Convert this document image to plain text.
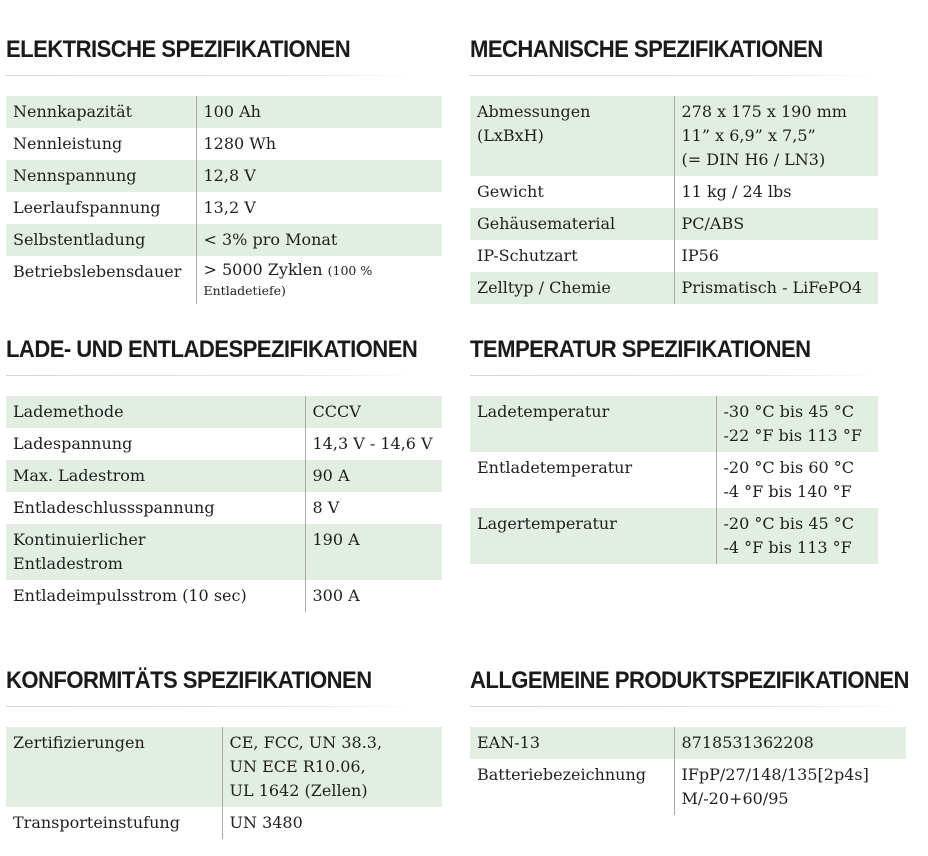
ELEKTRISCHE SPEZIFIKATIONEN
Nennkapazität	100 Ah
Nennleistung	1280 Wh
Nennspannung	12,8 V
Leerlaufspannung	13,2 V
Selbstentladung	< 3% pro Monat
Betriebslebensdauer	> 5000 Zyklen (100 %
Entladetiefe)
MECHANISCHE SPEZIFIKATIONEN
Abmessungen
(LxBxH)	278 x 175 x 190 mm
11” x 6,9” x 7,5”
(= DIN H6 / LN3)

Gewicht	11 kg / 24 lbs
Gehäusematerial	PC/ABS
IP-Schutzart	IP56
Zelltyp / Chemie	Prismatisch - LiFePO4
LADE- UND ENTLADESPEZIFIKATIONEN
Lademethode	CCCV
Ladespannung	14,3 V - 14,6 V
Max. Ladestrom	90 A
Entladeschlussspannung	8 V

Kontinuierlicher
Entladestrom	190 A
Entladeimpulsstrom (10 sec)	300 A
TEMPERATUR SPEZIFIKATIONEN
Ladetemperatur	-30 °C bis 45 °C
-22 °F bis 113 °F

Entladetemperatur	-20 °C bis 60 °C
-4 °F bis 140 °F

Lagertemperatur	-20 °C bis 45 °C
-4 °F bis 113 °F
KONFORMITÄTS SPEZIFIKATIONEN
Zertifizierungen	CE, FCC, UN 38.3,
UN ECE R10.06,
UL 1642 (Zellen)

Transporteinstufung	UN 3480
ALLGEMEINE PRODUKTSPEZIFIKATIONEN
EAN-13	8718531362208
Batteriebezeichnung	IFpP/27/148/135[2p4s]
M/-20+60/95
